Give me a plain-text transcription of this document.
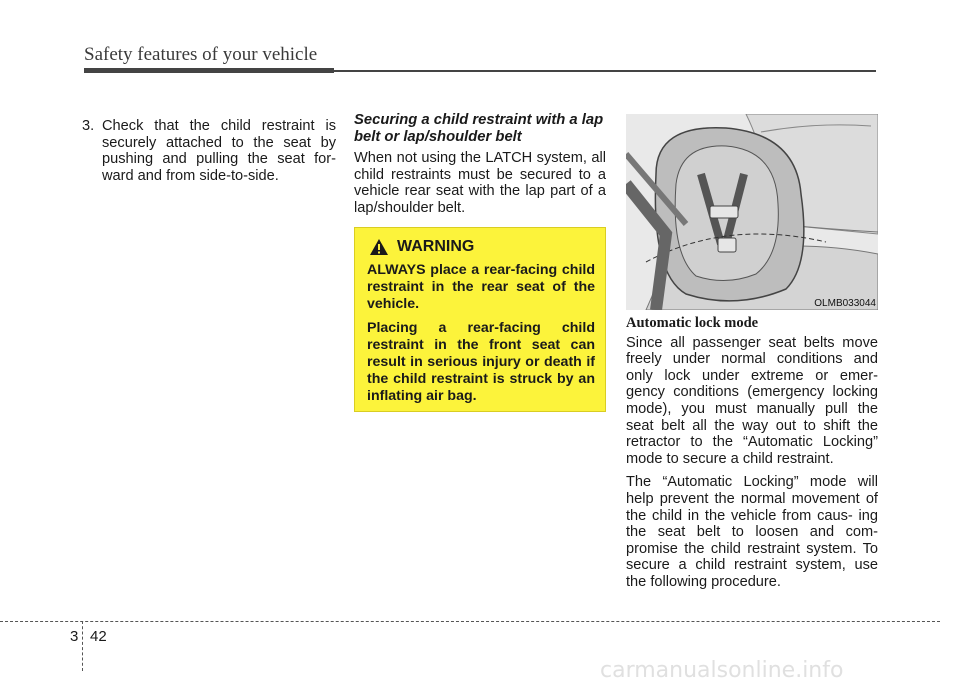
Safety features of your vehicle
3. Check that the child restraint is securely attached to the seat by pushing and pulling the seat for- ward and from side-to-side.
Securing a child restraint with a lap belt or lap/shoulder belt

When not using the LATCH system, all child restraints must be secured to a vehicle rear seat with the lap part of a lap/shoulder belt.

WARNING

ALWAYS place a rear-facing child restraint in the rear seat of the vehicle.

Placing a rear-facing child restraint in the front seat can result in serious injury or death if the child restraint is struck by an inflating air bag.

OLMB033044
Automatic lock mode

Since all passenger seat belts move freely under normal conditions and only lock under extreme or emer- gency conditions (emergency locking mode), you must manually pull the seat belt all the way out to shift the retractor to the “Automatic Locking” mode to secure a child restraint.

The “Automatic Locking” mode will help prevent the normal movement of the child in the vehicle from caus- ing the seat belt to loosen and com- promise the child restraint system. To secure a child restraint system, use the following procedure.

3 42
carmanualsonline.info
